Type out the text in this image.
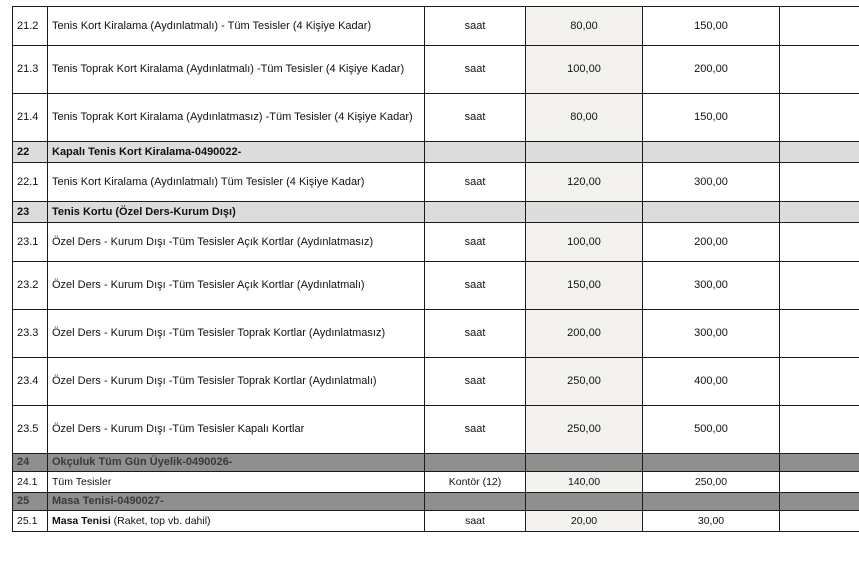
21.2	Tenis Kort Kiralama (Aydınlatmalı) - Tüm Tesisler (4 Kişiye Kadar)	saat	80,00	150,00	
21.3	Tenis Toprak Kort Kiralama (Aydınlatmalı) -Tüm Tesisler (4 Kişiye Kadar)	saat	100,00	200,00	
21.4	Tenis Toprak Kort Kiralama (Aydınlatmasız) -Tüm Tesisler (4 Kişiye Kadar)	saat	80,00	150,00	
22	Kapalı Tenis Kort Kiralama-0490022-				
22.1	Tenis Kort Kiralama (Aydınlatmalı) Tüm Tesisler (4 Kişiye Kadar)	saat	120,00	300,00	
23	Tenis Kortu (Özel Ders-Kurum Dışı)				
23.1	Özel Ders - Kurum Dışı -Tüm Tesisler Açık Kortlar (Aydınlatmasız)	saat	100,00	200,00	
23.2	Özel Ders - Kurum Dışı -Tüm Tesisler Açık Kortlar (Aydınlatmalı)	saat	150,00	300,00	
23.3	Özel Ders - Kurum Dışı -Tüm Tesisler Toprak Kortlar (Aydınlatmasız)	saat	200,00	300,00	
23.4	Özel Ders - Kurum Dışı -Tüm Tesisler Toprak Kortlar (Aydınlatmalı)	saat	250,00	400,00	
23.5	Özel Ders - Kurum Dışı -Tüm Tesisler Kapalı Kortlar	saat	250,00	500,00	
24	Okçuluk Tüm Gün Üyelik-0490026-				
24.1	Tüm Tesisler	Kontör (12)	140,00	250,00	
25	Masa Tenisi-0490027-				
25.1	Masa Tenisi (Raket, top vb. dahil)	saat	20,00	30,00	
